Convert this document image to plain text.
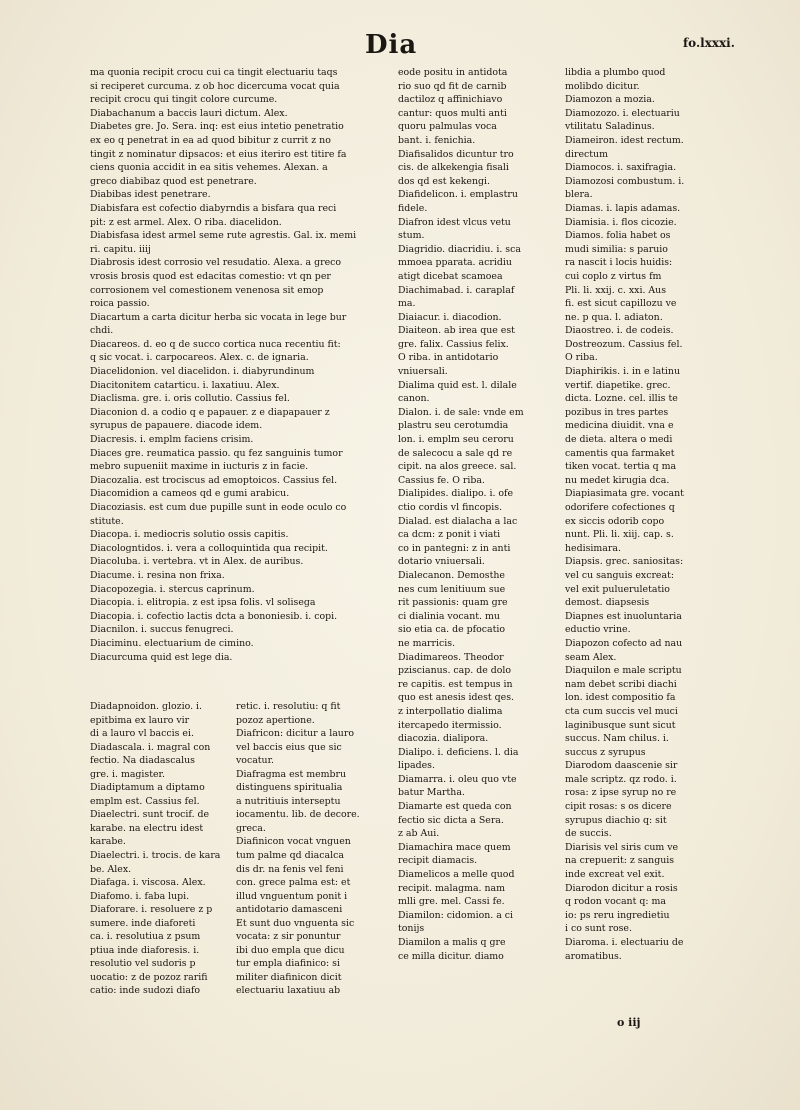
Dia	fo.lxxxi.
ma quonia recipit crocu cui ca tingit electuariu taqs
si reciperet curcuma. z ob hoc dicercuma vocat quia
recipit crocu qui tingit colore curcume.
Diabachanum a baccis lauri dictum. Alex.
Diabetes gre. Jo. Sera. inq: est eius intetio penetratio
ex eo q penetrat in ea ad quod bibitur z currit z no
tingit z nominatur dipsacos: et eius iteriro est titire fa
ciens quonia accidit in ea sitis vehemes. Alexan. a
greco diabibaz quod est penetrare.
Diabibas idest penetrare.
Diabisfara est cofectio diabyrndis a bisfara qua reci
pit: z est armel. Alex. O riba. diacelidon.
Diabisfasa idest armel seme rute agrestis. Gal. ix. memi
ri. capitu. iiij
Diabrosis idest corrosio vel resudatio. Alexa. a greco
vrosis brosis quod est edacitas comestio: vt qn per
corrosionem vel comestionem venenosa sit emop
roica passio.
Diacartum a carta dicitur herba sic vocata in lege bur
chdi.
Diacareos. d. eo q de succo cortica nuca recentiu fit:
q sic vocat. i. carpocareos. Alex. c. de ignaria.
Diacelidonion. vel diacelidon. i. diabyrundinum
Diacitonitem catarticu. i. laxatiuu. Alex.
Diaclisma. gre. i. oris collutio. Cassius fel.
Diaconion d. a codio q e papauer. z e diapapauer z
syrupus de papauere. diacode idem.
Diacresis. i. emplm faciens crisim.
Diaces gre. reumatica passio. qu fez sanguinis tumor
mebro supueniit maxime in iucturis z in facie.
Diacozalia. est trociscus ad emoptoicos. Cassius fel.
Diacomidion a cameos qd e gumi arabicu.
Diacoziasis. est cum due pupille sunt in eode oculo co
stitute.
Diacopa. i. mediocris solutio ossis capitis.
Diacologntidos. i. vera a colloquintida qua recipit.
Diacoluba. i. vertebra. vt in Alex. de auribus.
Diacume. i. resina non frixa.
Diacopozegia. i. stercus caprinum.
Diacopia. i. elitropia. z est ipsa folis. vl solisega
Diacopia. i. cofectio lactis dcta a bononiesib. i. copi.
Diacnilon. i. succus fenugreci.
Diaciminu. electuarium de cimino.
Diacurcuma quid est lege dia.
Diadapnoidon. glozio. i.
epitbima ex lauro vir
di a lauro vl baccis ei.
Diadascala. i. magral con
fectio. Na diadascalus
gre. i. magister.
Diadiptamum a diptamo
emplm est. Cassius fel.
Diaelectri. sunt trocif. de
karabe. na electru idest
karabe.
Diaelectri. i. trocis. de kara
be. Alex.
Diafaga. i. viscosa. Alex.
Diafomo. i. faba lupi.
Diaforare. i. resoluere z p
sumere. inde diaforeti
ca. i. resolutiua z psum
ptiua inde diaforesis. i.
resolutio vel sudoris p
uocatio: z de pozoz rarifi
catio: inde sudozi diafo
retic. i. resolutiu: q fit
pozoz apertione.
Diafricon: dicitur a lauro
vel baccis eius que sic
vocatur.
Diafragma est membru
distinguens spiritualia
a nutritiuis interseptu
iocamentu. lib. de decore.
greca.
Diafinicon vocat vnguen
tum palme qd diacalca
dis dr. na fenis vel feni
con. grece palma est: et
illud vnguentum ponit i
antidotario damasceni
Et sunt duo vnguenta sic
vocata: z sir ponuntur
ibi duo empla que dicu
tur empla diafinico: si
militer diafinicon dicit
electuariu laxatiuu ab
eode positu in antidota
rio suo qd fit de carnib
dactiloz q affinichiavo
cantur: quos multi anti
quoru palmulas voca
bant. i. fenichia.
Diafisalidos dicuntur tro
cis. de alkekengia fisali
dos qd est kekengi.
Diafidelicon. i. emplastru
fidele.
Diafron idest vlcus vetu
stum.
Diagridio. diacridiu. i. sca
mmoea pparata. acridiu
atigt dicebat scamoea
Diachimabad. i. caraplaf
ma.
Diaiacur. i. diacodion.
Diaiteon. ab irea que est
gre. falix. Cassius felix.
O riba. in antidotario
vniuersali.
Dialima quid est. l. dilale
canon.
Dialon. i. de sale: vnde em
plastru seu cerotumdia
lon. i. emplm seu ceroru
de salecocu a sale qd re
cipit. na alos greece. sal.
Cassius fe. O riba.
Dialipides. dialipo. i. ofe
ctio cordis vl fincopis.
Dialad. est dialacha a lac
ca dcm: z ponit i viati
co in pantegni: z in anti
dotario vniuersali.
Dialecanon. Demosthe
nes cum lenitiuum sue
rit passionis: quam gre
ci dialinia vocant. mu
sio etia ca. de pfocatio
ne marricis.
Diadimareos. Theodor
pziscianus. cap. de dolo
re capitis. est tempus in
quo est anesis idest qes.
z interpollatio dialima
itercapedo itermissio.
diacozia. dialipora.
Dialipo. i. deficiens. l. dia
lipades.
Diamarra. i. oleu quo vte
batur Martha.
Diamarte est queda con
fectio sic dicta a Sera.
z ab Aui.
Diamachira mace quem
recipit diamacis.
Diamelicos a melle quod
recipit. malagma. nam
mlli gre. mel. Cassi fe.
Diamilon: cidomion. a ci
tonijs
Diamilon a malis q gre
ce milla dicitur. diamo
libdia a plumbo quod
molibdo dicitur.
Diamozon a mozia.
Diamozozo. i. electuariu
vtilitatu Saladinus.
Diameiron. idest rectum.
directum
Diamocos. i. saxifragia.
Diamozosi combustum. i.
blera.
Diamas. i. lapis adamas.
Diamisia. i. flos cicozie.
Diamos. folia habet os
mudi similia: s paruio
ra nascit i locis huidis:
cui coplo z virtus fm
Pli. li. xxij. c. xxi. Aus
fi. est sicut capillozu ve
ne. p qua. l. adiaton.
Diaostreo. i. de codeis.
Dostreozum. Cassius fel.
O riba.
Diaphirikis. i. in e latinu
vertif. diapetike. grec.
dicta. Lozne. cel. illis te
pozibus in tres partes
medicina diuidit. vna e
de dieta. altera o medi
camentis qua farmaket
tiken vocat. tertia q ma
nu medet kirugia dca.
Diapiasimata gre. vocant
odorifere cofectiones q
ex siccis odorib copo
nunt. Pli. li. xiij. cap. s.
hedisimara.
Diapsis. grec. saniositas:
vel cu sanguis excreat:
vel exit pulueruletatio
demost. diapsesis
Diapnes est inuoluntaria
eductio vrine.
Diapozon cofecto ad nau
seam Alex.
Diaquilon e male scriptu
nam debet scribi diachi
lon. idest compositio fa
cta cum succis vel muci
laginibusque sunt sicut
succus. Nam chilus. i.
succus z syrupus
Diarodom daascenie sir
male scriptz. qz rodo. i.
rosa: z ipse syrup no re
cipit rosas: s os dicere
syrupus diachio q: sit
de succis.
Diarisis vel siris cum ve
na crepuerit: z sanguis
inde excreat vel exit.
Diarodon dicitur a rosis
q rodon vocant q: ma
io: ps reru ingredietiu
i co sunt rose.
Diaroma. i. electuariu de
aromatibus.
o iij
